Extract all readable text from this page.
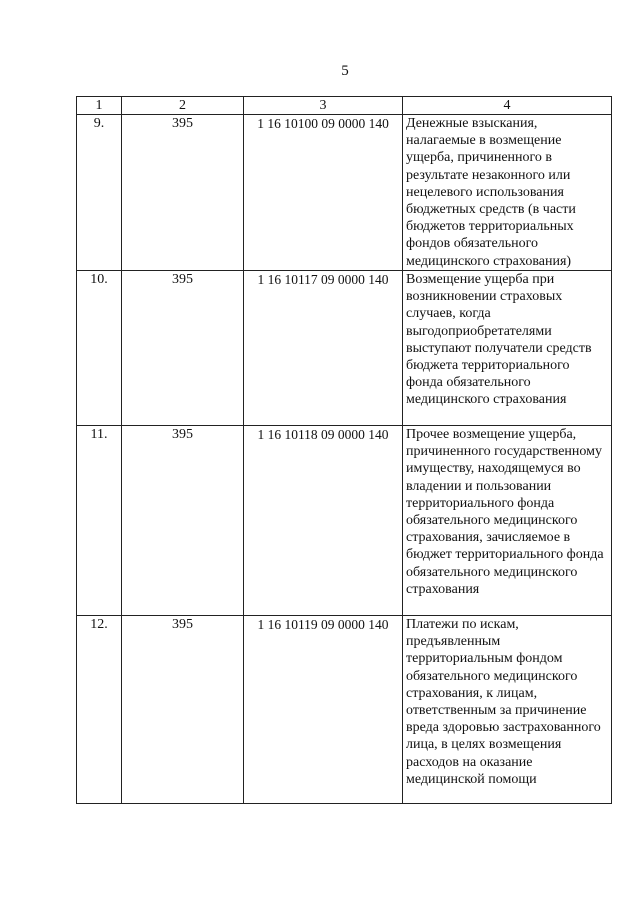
5
1	2	3	4
9.	395	1 16 10100 09 0000 140	Денежные взыскания, налагаемые в возмещение ущерба, причиненного в результате незаконного или нецелевого использования бюджетных средств (в части бюджетов территориальных фондов обязательного медицинского страхования)
10.	395	1 16 10117 09 0000 140	Возмещение ущерба при возникновении страховых случаев, когда выгодоприобретателями выступают получатели средств бюджета территориального фонда обязательного медицинского страхования
11.	395	1 16 10118 09 0000 140	Прочее возмещение ущерба, причиненного государственному имуществу, находящемуся во владении и пользовании территориального фонда обязательного медицинского страхования, зачисляемое в бюджет территориального фонда обязательного медицинского страхования
12.	395	1 16 10119 09 0000 140	Платежи по искам, предъявленным территориальным фондом обязательного медицинского страхования, к лицам, ответственным за причинение вреда здоровью застрахованного лица, в целях возмещения расходов на оказание медицинской помощи
